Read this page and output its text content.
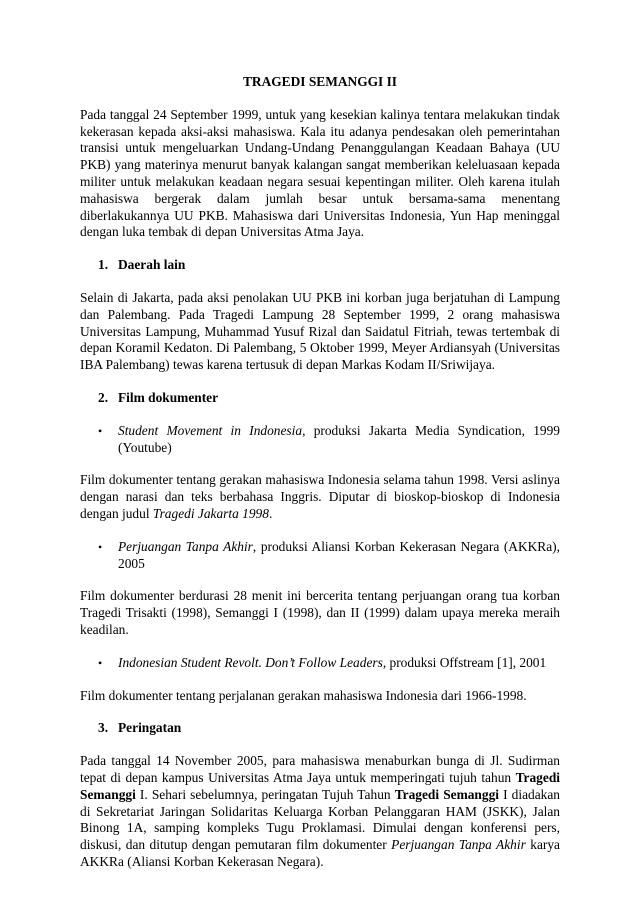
TRAGEDI SEMANGGI II

Pada tanggal 24 September 1999, untuk yang kesekian kalinya tentara melakukan tindak kekerasan kepada aksi-aksi mahasiswa. Kala itu adanya pendesakan oleh pemerintahan transisi untuk mengeluarkan Undang-Undang Penanggulangan Keadaan Bahaya (UU PKB) yang materinya menurut banyak kalangan sangat memberikan keleluasaan kepada militer untuk melakukan keadaan negara sesuai kepentingan militer. Oleh karena itulah mahasiswa bergerak dalam jumlah besar untuk bersama-sama menentang diberlakukannya UU PKB. Mahasiswa dari Universitas Indonesia, Yun Hap meninggal dengan luka tembak di depan Universitas Atma Jaya.

1. Daerah lain

Selain di Jakarta, pada aksi penolakan UU PKB ini korban juga berjatuhan di Lampung dan Palembang. Pada Tragedi Lampung 28 September 1999, 2 orang mahasiswa Universitas Lampung, Muhammad Yusuf Rizal dan Saidatul Fitriah, tewas tertembak di depan Koramil Kedaton. Di Palembang, 5 Oktober 1999, Meyer Ardiansyah (Universitas IBA Palembang) tewas karena tertusuk di depan Markas Kodam II/Sriwijaya.

2. Film dokumenter
•	Student Movement in Indonesia, produksi Jakarta Media Syndication, 1999 (Youtube)

Film dokumenter tentang gerakan mahasiswa Indonesia selama tahun 1998. Versi aslinya dengan narasi dan teks berbahasa Inggris. Diputar di bioskop-bioskop di Indonesia dengan judul Tragedi Jakarta 1998.

•	Perjuangan Tanpa Akhir, produksi Aliansi Korban Kekerasan Negara (AKKRa), 2005

Film dokumenter berdurasi 28 menit ini bercerita tentang perjuangan orang tua korban Tragedi Trisakti (1998), Semanggi I (1998), dan II (1999) dalam upaya mereka meraih keadilan.

•	Indonesian Student Revolt. Don’t Follow Leaders, produksi Offstream [1], 2001

Film dokumenter tentang perjalanan gerakan mahasiswa Indonesia dari 1966-1998.

3. Peringatan

Pada tanggal 14 November 2005, para mahasiswa menaburkan bunga di Jl. Sudirman tepat di depan kampus Universitas Atma Jaya untuk memperingati tujuh tahun Tragedi Semanggi I. Sehari sebelumnya, peringatan Tujuh Tahun Tragedi Semanggi I diadakan di Sekretariat Jaringan Solidaritas Keluarga Korban Pelanggaran HAM (JSKK), Jalan Binong 1A, samping kompleks Tugu Proklamasi. Dimulai dengan konferensi pers, diskusi, dan ditutup dengan pemutaran film dokumenter Perjuangan Tanpa Akhir karya AKKRa (Aliansi Korban Kekerasan Negara).
